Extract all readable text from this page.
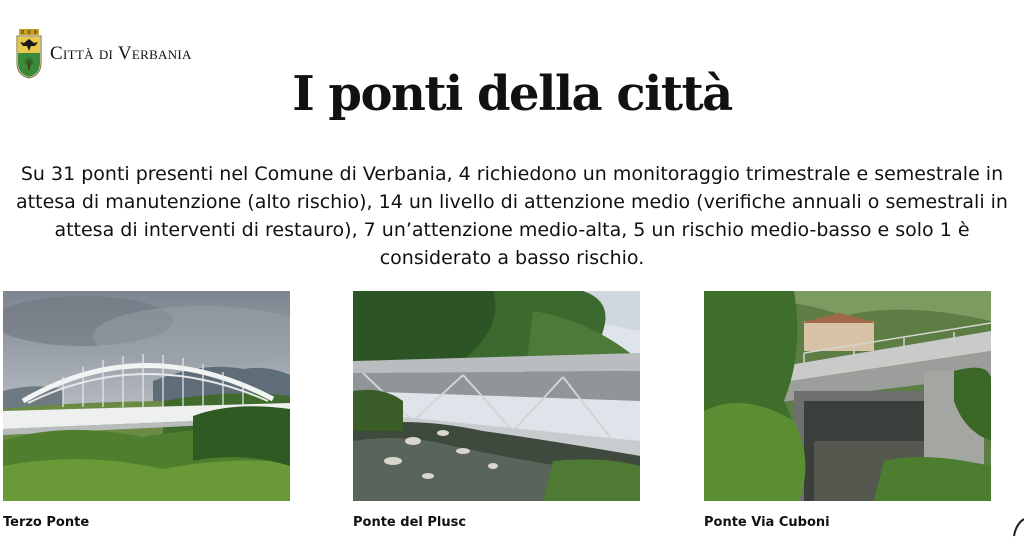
Città di Verbania
I ponti della città
Su 31 ponti presenti nel Comune di Verbania, 4 richiedono un monitoraggio trimestrale e semestrale in attesa di manutenzione (alto rischio), 14 un livello di attenzione medio (verifiche annuali o semestrali in attesa di interventi di restauro), 7 un’attenzione medio-alta, 5 un rischio medio-basso e solo 1 è considerato a basso rischio.
Terzo Ponte	Ponte del Plusc	Ponte Via Cuboni
